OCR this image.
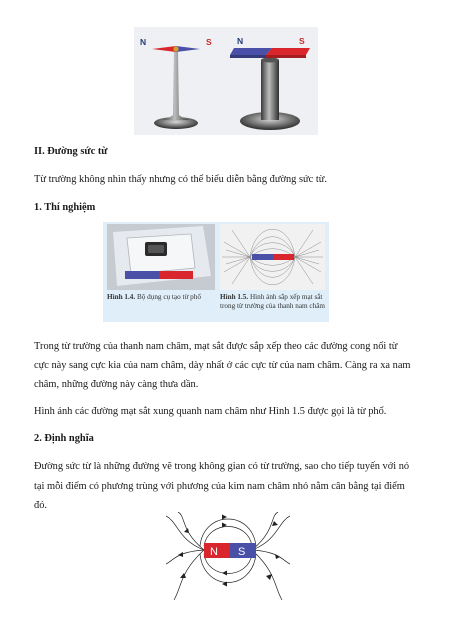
N	S	N	S
II. Đường sức từ
Từ trường không nhìn thấy nhưng có thể biểu diễn bằng đường sức từ.
1. Thí nghiệm
Hình 1.4. Bộ dụng cụ tạo từ phổ	Hình 1.5. Hình ảnh sắp xếp mạt sắt trong từ trường của thanh nam châm
Trong từ trường của thanh nam châm, mạt sắt được sắp xếp theo các đường cong nối từ
cực này sang cực kia của nam châm, dày nhất ở các cực từ của nam châm. Càng ra xa nam
châm, những đường này càng thưa dần.
Hình ảnh các đường mạt sắt xung quanh nam châm như Hình 1.5 được gọi là từ phổ.
2. Định nghĩa
Đường sức từ là những đường vẽ trong không gian có từ trường, sao cho tiếp tuyến với nó
tại mỗi điểm có phương trùng với phương của kim nam châm nhỏ nằm cân bằng tại điểm
đó.
N S
